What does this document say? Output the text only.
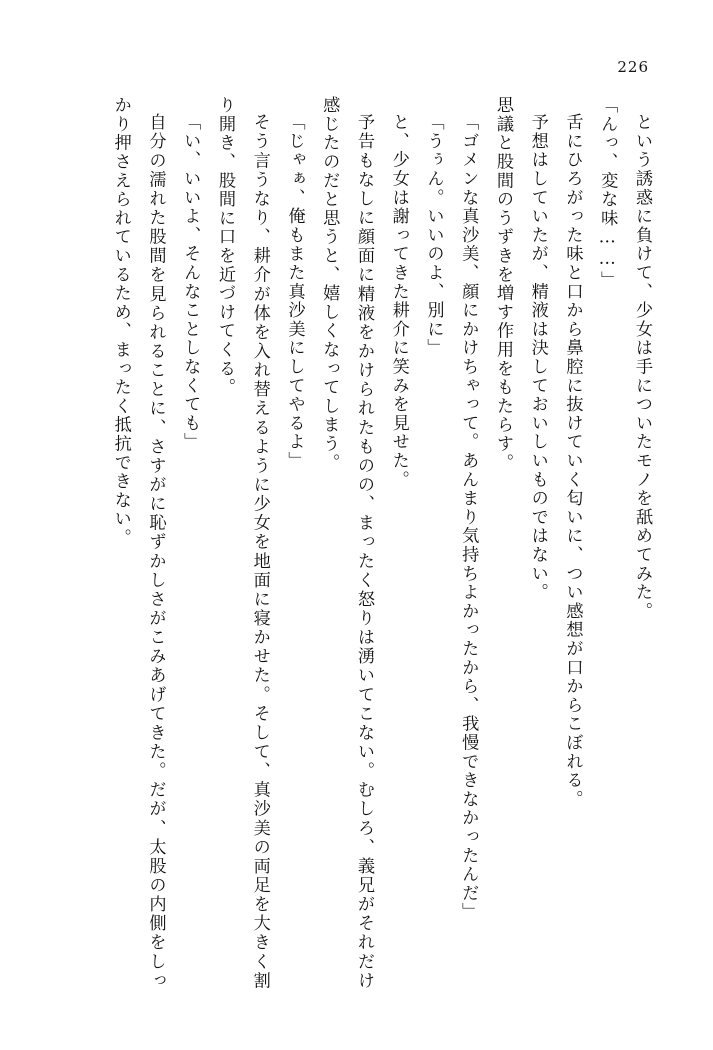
226

という誘惑に負けて、少女は手についたモノを舐めてみた。

「んっ、変な味……」

舌にひろがった味と口から鼻腔に抜けていく匂いに、つい感想が口からこぼれる。

予想はしていたが、精液は決しておいしいものではない。

思議と股間のうずきを増す作用をもたらす。

「ゴメンな真沙美、顔にかけちゃって。あんまり気持ちよかったから、我慢できなかったんだ」

「うぅん。いいのよ、別に」

と、少女は謝ってきた耕介に笑みを見せた。

予告もなしに顔面に精液をかけられたものの、まったく怒りは湧いてこない。むしろ、義兄がそれだけ感じたのだと思うと、嬉しくなってしまう。

「じゃぁ、俺もまた真沙美にしてやるよ」

そう言うなり、耕介が体を入れ替えるように少女を地面に寝かせた。そして、真沙美の両足を大きく割り開き、股間に口を近づけてくる。

「い、いいよ、そんなことしなくても」

自分の濡れた股間を見られることに、さすがに恥ずかしさがこみあげてきた。だが、太股の内側をしっかり押さえられているため、まったく抵抗できない。
